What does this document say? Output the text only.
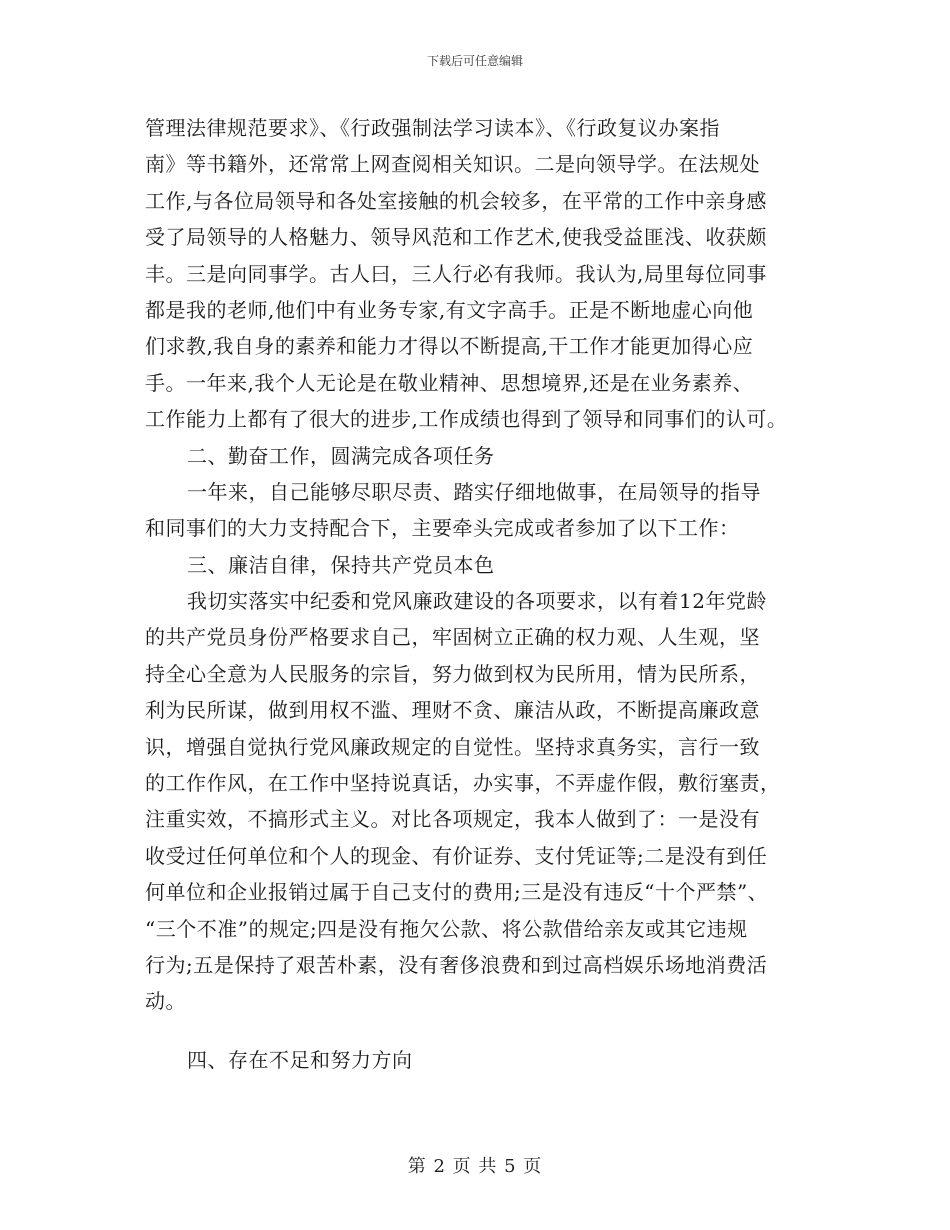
下载后可任意编辑
管理法律规范要求》、《行政强制法学习读本》、《行政复议办案指
南》等书籍外，还常常上网查阅相关知识。二是向领导学。在法规处
工作,与各位局领导和各处室接触的机会较多，在平常的工作中亲身感
受了局领导的人格魅力、领导风范和工作艺术,使我受益匪浅、收获颇
丰。三是向同事学。古人曰，三人行必有我师。我认为,局里每位同事
都是我的老师,他们中有业务专家,有文字高手。正是不断地虚心向他
们求教,我自身的素养和能力才得以不断提高,干工作才能更加得心应
手。一年来,我个人无论是在敬业精神、思想境界,还是在业务素养、
工作能力上都有了很大的进步,工作成绩也得到了领导和同事们的认可。
二、勤奋工作，圆满完成各项任务
一年来，自己能够尽职尽责、踏实仔细地做事，在局领导的指导
和同事们的大力支持配合下，主要牵头完成或者参加了以下工作：
三、廉洁自律，保持共产党员本色
我切实落实中纪委和党风廉政建设的各项要求，以有着12年党龄
的共产党员身份严格要求自己，牢固树立正确的权力观、人生观，坚
持全心全意为人民服务的宗旨，努力做到权为民所用，情为民所系，
利为民所谋，做到用权不滥、理财不贪、廉洁从政，不断提高廉政意
识，增强自觉执行党风廉政规定的自觉性。坚持求真务实，言行一致
的工作作风，在工作中坚持说真话，办实事，不弄虚作假，敷衍塞责，
注重实效，不搞形式主义。对比各项规定，我本人做到了：一是没有
收受过任何单位和个人的现金、有价证券、支付凭证等;二是没有到任
何单位和企业报销过属于自己支付的费用;三是没有违反“十个严禁”、
“三个不准”的规定;四是没有拖欠公款、将公款借给亲友或其它违规
行为;五是保持了艰苦朴素，没有奢侈浪费和到过高档娱乐场地消费活
动。
四、存在不足和努力方向
第 2 页 共 5 页
